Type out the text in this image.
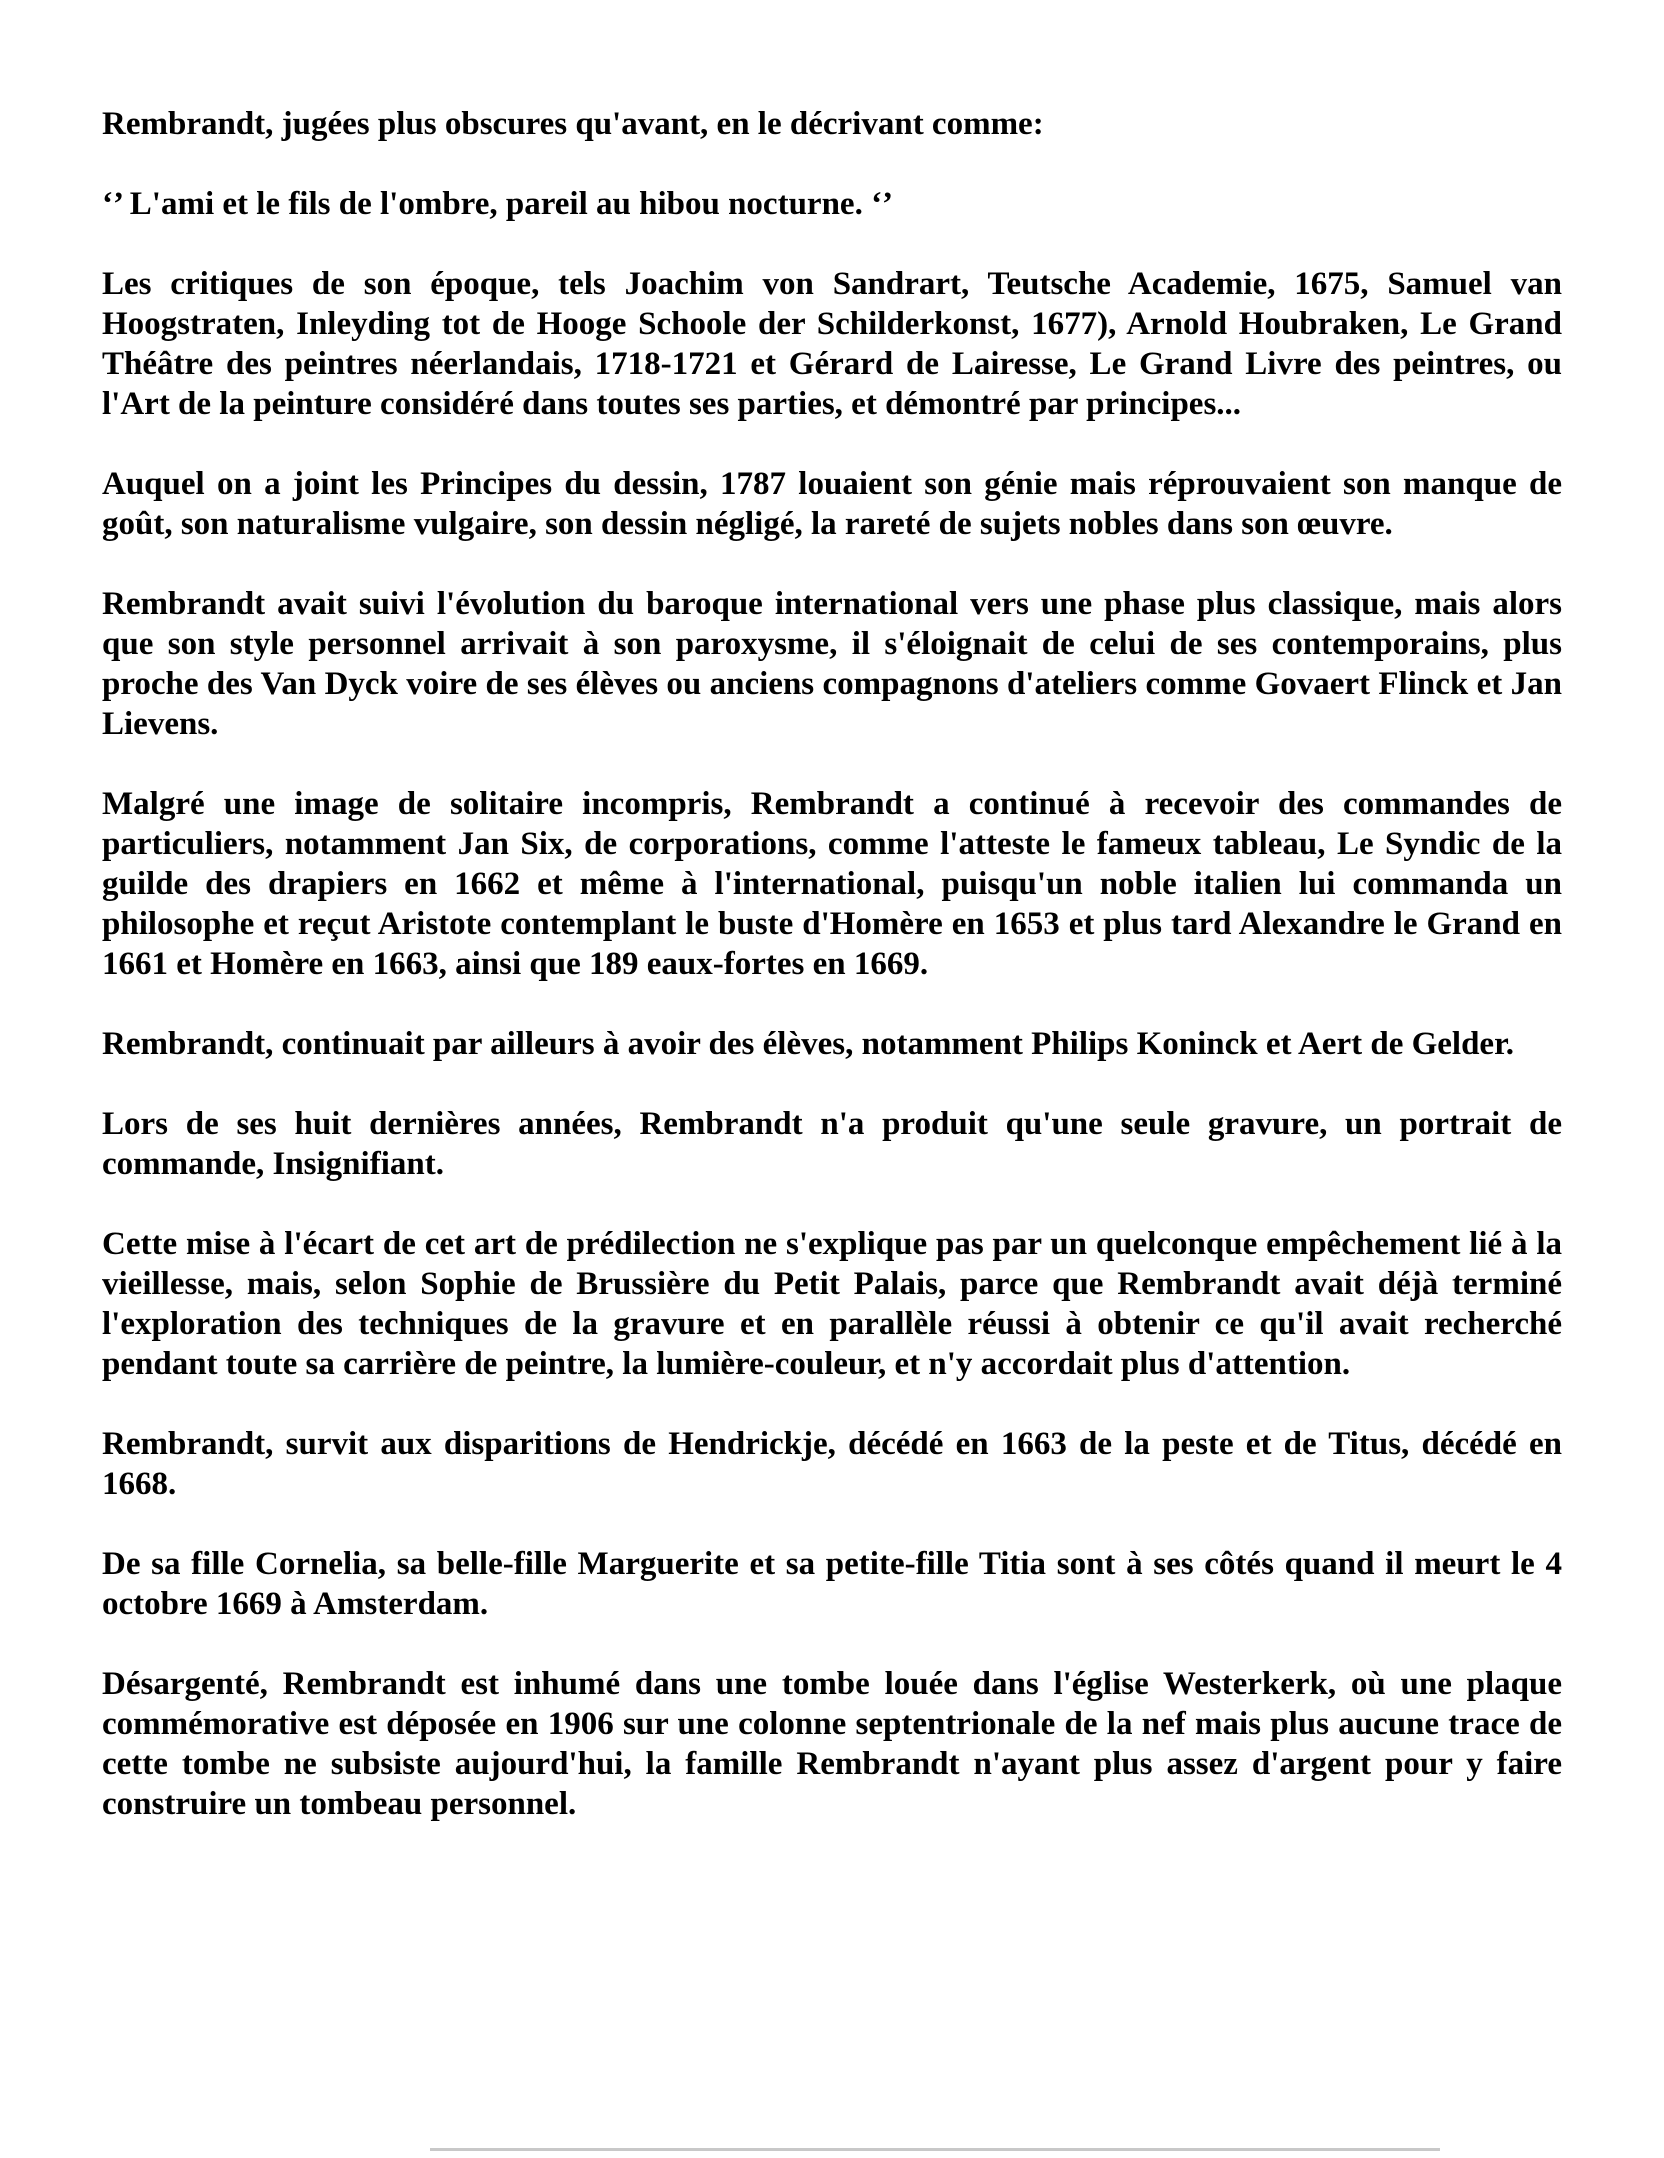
Rembrandt, jugées plus obscures qu'avant, en le décrivant comme:

‘’ L'ami et le fils de l'ombre, pareil au hibou nocturne. ‘’

Les critiques de son époque, tels Joachim von Sandrart, Teutsche Academie, 1675, Samuel van Hoogstraten, Inleyding tot de Hooge Schoole der Schilderkonst, 1677), Arnold Houbraken, Le Grand Théâtre des peintres néerlandais, 1718-1721 et Gérard de Lairesse, Le Grand Livre des peintres, ou l'Art de la peinture considéré dans toutes ses parties, et démontré par principes...

Auquel on a joint les Principes du dessin, 1787 louaient son génie mais réprouvaient son manque de goût, son naturalisme vulgaire, son dessin négligé, la rareté de sujets nobles dans son œuvre.

Rembrandt avait suivi l'évolution du baroque international vers une phase plus classique, mais alors que son style personnel arrivait à son paroxysme, il s'éloignait de celui de ses contemporains, plus proche des Van Dyck voire de ses élèves ou anciens compagnons d'ateliers comme Govaert Flinck et Jan Lievens.

Malgré une image de solitaire incompris, Rembrandt a continué à recevoir des commandes de particuliers, notamment Jan Six, de corporations, comme l'atteste le fameux tableau, Le Syndic de la guilde des drapiers en 1662 et même à l'international, puisqu'un noble italien lui commanda un philosophe et reçut Aristote contemplant le buste d'Homère en 1653 et plus tard Alexandre le Grand en 1661 et Homère en 1663, ainsi que 189 eaux-fortes en 1669.

Rembrandt, continuait par ailleurs à avoir des élèves, notamment Philips Koninck et Aert de Gelder.

Lors de ses huit dernières années, Rembrandt n'a produit qu'une seule gravure, un portrait de commande, Insignifiant.

Cette mise à l'écart de cet art de prédilection ne s'explique pas par un quelconque empêchement lié à la vieillesse, mais, selon Sophie de Brussière du Petit Palais, parce que Rembrandt avait déjà terminé l'exploration des techniques de la gravure et en parallèle réussi à obtenir ce qu'il avait recherché pendant toute sa carrière de peintre, la lumière-couleur, et n'y accordait plus d'attention.

Rembrandt, survit aux disparitions de Hendrickje, décédé en 1663 de la peste et de Titus, décédé en 1668.

De sa fille Cornelia, sa belle-fille Marguerite et sa petite-fille Titia sont à ses côtés quand il meurt le 4 octobre 1669 à Amsterdam.

Désargenté, Rembrandt est inhumé dans une tombe louée dans l'église Westerkerk, où une plaque commémorative est déposée en 1906 sur une colonne septentrionale de la nef mais plus aucune trace de cette tombe ne subsiste aujourd'hui, la famille Rembrandt n'ayant plus assez d'argent pour y faire construire un tombeau personnel.
